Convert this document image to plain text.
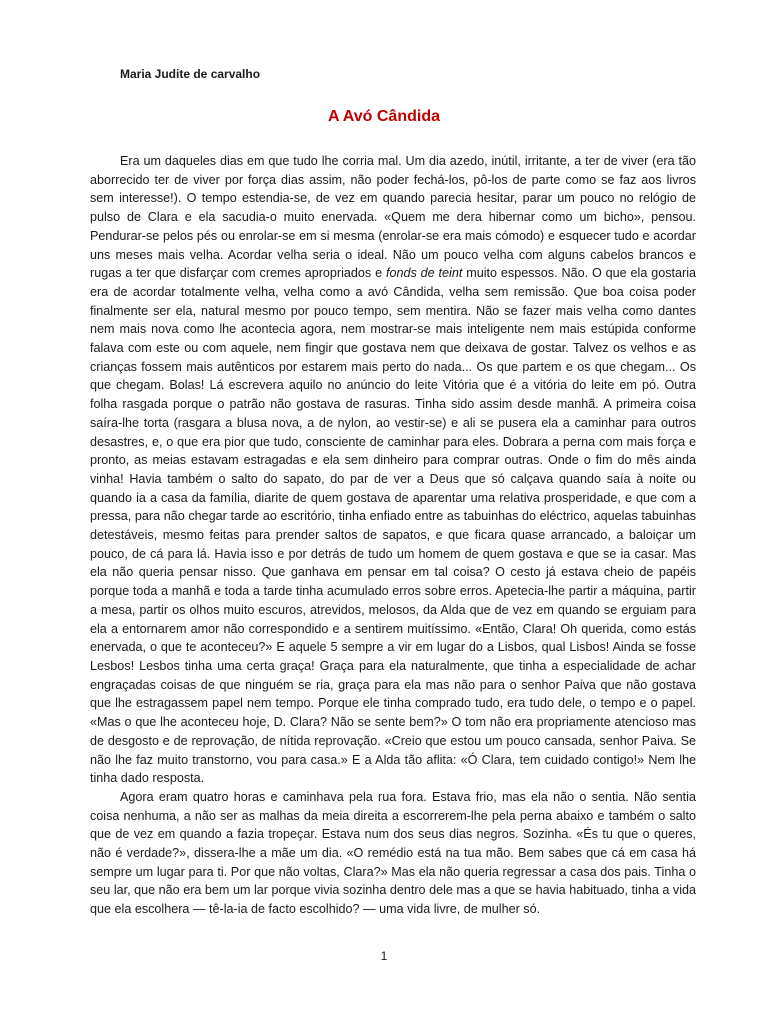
Maria Judite de carvalho
A Avó Cândida

Era um daqueles dias em que tudo lhe corria mal. Um dia azedo, inútil, irritante, a ter de viver (era tão aborrecido ter de viver por força dias assim, não poder fechá-los, pô-los de parte como se faz aos livros sem interesse!). O tempo estendia-se, de vez em quando parecia hesitar, parar um pouco no relógio de pulso de Clara e ela sacudia-o muito enervada. «Quem me dera hibernar como um bicho», pensou. Pendurar-se pelos pés ou enrolar-se em si mesma (enrolar-se era mais cómodo) e esquecer tudo e acordar uns meses mais velha. Acordar velha seria o ideal. Não um pouco velha com alguns cabelos brancos e rugas a ter que disfarçar com cremes apropriados e fonds de teint muito espessos. Não. O que ela gostaria era de acordar totalmente velha, velha como a avó Cândida, velha sem remissão. Que boa coisa poder finalmente ser ela, natural mesmo por pouco tempo, sem mentira. Não se fazer mais velha como dantes nem mais nova como lhe acontecia agora, nem mostrar-se mais inteligente nem mais estúpida conforme falava com este ou com aquele, nem fingir que gostava nem que deixava de gostar. Talvez os velhos e as crianças fossem mais autênticos por estarem mais perto do nada... Os que partem e os que chegam... Os que chegam. Bolas! Lá escrevera aquilo no anúncio do leite Vitória que é a vitória do leite em pó. Outra folha rasgada porque o patrão não gostava de rasuras. Tinha sido assim desde manhã. A primeira coisa saíra-lhe torta (rasgara a blusa nova, a de nylon, ao vestir-se) e ali se pusera ela a caminhar para outros desastres, e, o que era pior que tudo, consciente de caminhar para eles. Dobrara a perna com mais força e pronto, as meias estavam estragadas e ela sem dinheiro para comprar outras. Onde o fim do mês ainda vinha! Havia também o salto do sapato, do par de ver a Deus que só calçava quando saía à noite ou quando ia a casa da família, diarite de quem gostava de aparentar uma relativa prosperidade, e que com a pressa, para não chegar tarde ao escritório, tinha enfiado entre as tabuinhas do eléctrico, aquelas tabuinhas detestáveis, mesmo feitas para prender saltos de sapatos, e que ficara quase arrancado, a baloiçar um pouco, de cá para lá. Havia isso e por detrás de tudo um homem de quem gostava e que se ia casar. Mas ela não queria pensar nisso. Que ganhava em pensar em tal coisa? O cesto já estava cheio de papéis porque toda a manhã e toda a tarde tinha acumulado erros sobre erros. Apetecia-lhe partir a máquina, partir a mesa, partir os olhos muito escuros, atrevidos, melosos, da Alda que de vez em quando se erguiam para ela a entornarem amor não correspondido e a sentirem muitíssimo. «Então, Clara! Oh querida, como estás enervada, o que te aconteceu?» E aquele 5 sempre a vir em lugar do a Lisbos, qual Lisbos! Ainda se fosse Lesbos! Lesbos tinha uma certa graça! Graça para ela naturalmente, que tinha a especialidade de achar engraçadas coisas de que ninguém se ria, graça para ela mas não para o senhor Paiva que não gostava que lhe estragassem papel nem tempo. Porque ele tinha comprado tudo, era tudo dele, o tempo e o papel. «Mas o que lhe aconteceu hoje, D. Clara? Não se sente bem?» O tom não era propriamente atencioso mas de desgosto e de reprovação, de nítida reprovação. «Creio que estou um pouco cansada, senhor Paiva. Se não lhe faz muito transtorno, vou para casa.» E a Alda tão aflita: «Ó Clara, tem cuidado contigo!» Nem lhe tinha dado resposta.

Agora eram quatro horas e caminhava pela rua fora. Estava frio, mas ela não o sentia. Não sentia coisa nenhuma, a não ser as malhas da meia direita a escorrerem-lhe pela perna abaixo e também o salto que de vez em quando a fazia tropeçar. Estava num dos seus dias negros. Sozinha. «És tu que o queres, não é verdade?», dissera-lhe a mãe um dia. «O remédio está na tua mão. Bem sabes que cá em casa há sempre um lugar para ti. Por que não voltas, Clara?» Mas ela não queria regressar a casa dos pais. Tinha o seu lar, que não era bem um lar porque vivia sozinha dentro dele mas a que se havia habituado, tinha a vida que ela escolhera — tê-la-ia de facto escolhido? — uma vida livre, de mulher só.

1
